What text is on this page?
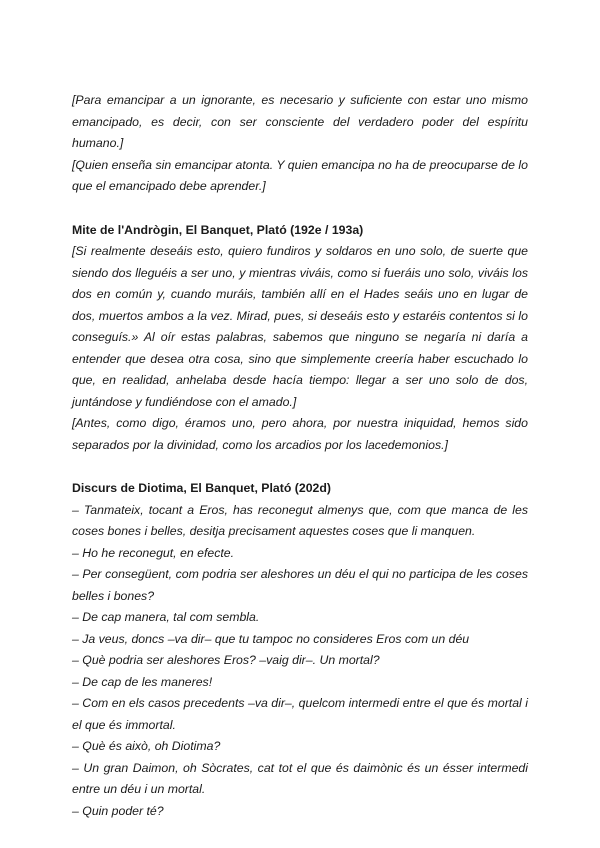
[Para emancipar a un ignorante, es necesario y suficiente con estar uno mismo emancipado, es decir, con ser consciente del verdadero poder del espíritu humano.]

[Quien enseña sin emancipar atonta. Y quien emancipa no ha de preocuparse de lo que el emancipado debe aprender.]

Mite de l'Andrògin, El Banquet, Plató (192e / 193a)

[Si realmente deseáis esto, quiero fundiros y soldaros en uno solo, de suerte que siendo dos lleguéis a ser uno, y mientras viváis, como si fueráis uno solo, viváis los dos en común y, cuando muráis, también allí en el Hades seáis uno en lugar de dos, muertos ambos a la vez. Mirad, pues, si deseáis esto y estaréis contentos si lo conseguís.» Al oír estas palabras, sabemos que ninguno se negaría ni daría a entender que desea otra cosa, sino que simplemente creería haber escuchado lo que, en realidad, anhelaba desde hacía tiempo: llegar a ser uno solo de dos, juntándose y fundiéndose con el amado.]

[Antes, como digo, éramos uno, pero ahora, por nuestra iniquidad, hemos sido separados por la divinidad, como los arcadios por los lacedemonios.]

Discurs de Diotima, El Banquet, Plató (202d)

– Tanmateix, tocant a Eros, has reconegut almenys que, com que manca de les coses bones i belles, desitja precisament aquestes coses que li manquen.

– Ho he reconegut, en efecte.

– Per consegüent, com podria ser aleshores un déu el qui no participa de les coses belles i bones?

– De cap manera, tal com sembla.

– Ja veus, doncs –va dir– que tu tampoc no consideres Eros com un déu

– Què podria ser aleshores Eros? –vaig dir–. Un mortal?

– De cap de les maneres!

– Com en els casos precedents –va dir–, quelcom intermedi entre el que és mortal i el que és immortal.

– Què és això, oh Diotima?

– Un gran Daimon, oh Sòcrates, cat tot el que és daimònic és un ésser intermedi entre un déu i un mortal.

– Quin poder té?
